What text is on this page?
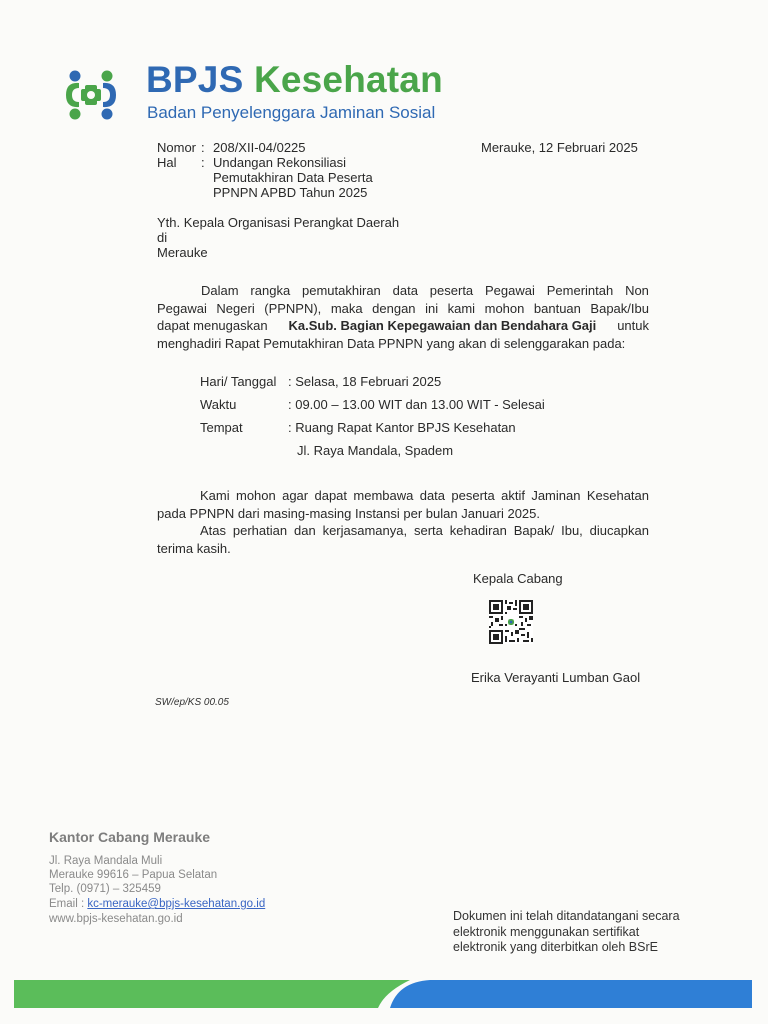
BPJS Kesehatan
Badan Penyelenggara Jaminan Sosial
Nomor : 208/XII-04/0225
Hal : Undangan Rekonsiliasi
Pemutakhiran Data Peserta
PPNPN APBD Tahun 2025
Merauke, 12 Februari 2025
Yth. Kepala Organisasi Perangkat Daerah
di
Merauke
Dalam rangka pemutakhiran data peserta Pegawai Pemerintah Non
Pegawai Negeri (PPNPN), maka dengan ini kami mohon bantuan Bapak/Ibu
dapat menugaskan Ka.Sub. Bagian Kepegawaian dan Bendahara Gaji untuk
menghadiri Rapat Pemutakhiran Data PPNPN yang akan di selenggarakan pada:
Hari/ Tanggal : Selasa, 18 Februari 2025
Waktu	: 09.00 – 13.00 WIT dan 13.00 WIT - Selesai
Tempat	: Ruang Rapat Kantor BPJS Kesehatan
Jl. Raya Mandala, Spadem
Kami mohon agar dapat membawa data peserta aktif Jaminan Kesehatan
pada PPNPN dari masing-masing Instansi per bulan Januari 2025.
Atas perhatian dan kerjasamanya, serta kehadiran Bapak/ Ibu, diucapkan
terima kasih.
Kepala Cabang
Erika Verayanti Lumban Gaol
SW/ep/KS 00.05
Kantor Cabang Merauke
Jl. Raya Mandala Muli
Merauke 99616 – Papua Selatan
Telp. (0971) – 325459
Email : kc-merauke@bpjs-kesehatan.go.id
www.bpjs-kesehatan.go.id	Dokumen ini telah ditandatangani secara
elektronik menggunakan sertifikat
elektronik yang diterbitkan oleh BSrE
